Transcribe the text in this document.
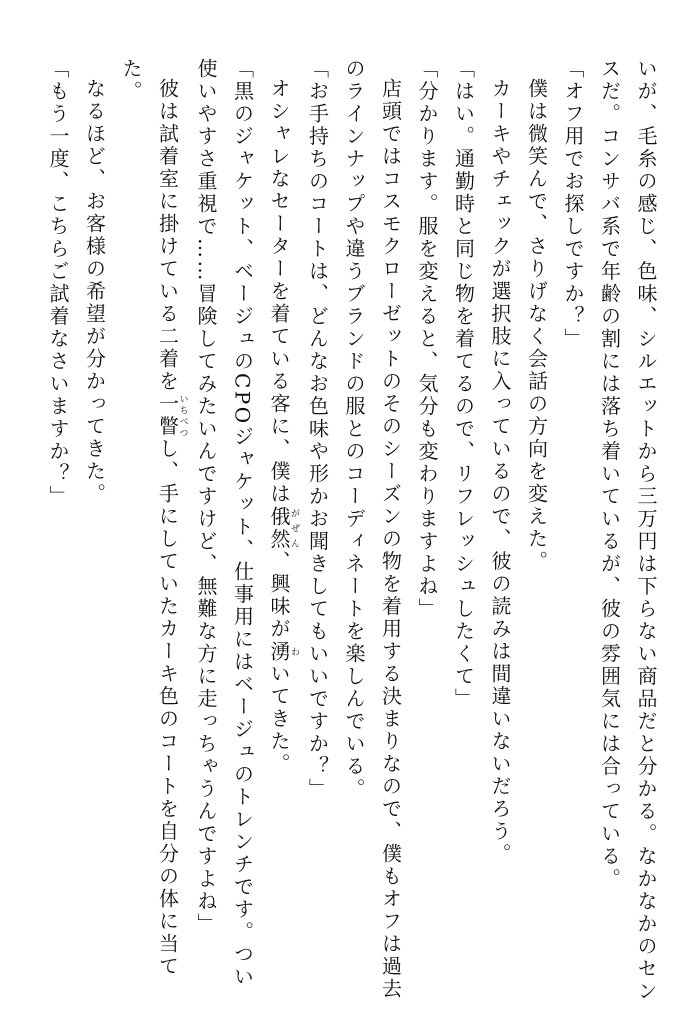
いが、毛糸の感じ、色味、シルエットから三万円は下らない商品だと分かる。なかなかのセン
スだ。コンサバ系で年齢の割には落ち着いているが、彼の雰囲気には合っている。
「オフ用でお探しですか？」
僕は微笑んで、さりげなく会話の方向を変えた。
カーキやチェックが選択肢に入っているので、彼の読みは間違いないだろう。
「はい。通勤時と同じ物を着てるので、リフレッシュしたくて」
「分かります。服を変えると、気分も変わりますよね」
店頭ではコスモクローゼットのそのシーズンの物を着用する決まりなので、僕もオフは過去
のラインナップや違うブランドの服とのコーディネートを楽しんでいる。
「お手持ちのコートは、どんなお色味や形かお聞きしてもいいですか？」
オシャレなセーターを着ている客に、僕は俄然がぜん、興味が湧わいてきた。
「黒のジャケット、ベージュのCPOジャケット、仕事用にはベージュのトレンチです。つい
使いやすさ重視で……冒険してみたいんですけど、無難な方に走っちゃうんですよね」
彼は試着室に掛けている二着を一瞥いちべつし、手にしていたカーキ色のコートを自分の体に当て
た。
なるほど、お客様の希望が分かってきた。
「もう一度、こちらご試着なさいますか？」
